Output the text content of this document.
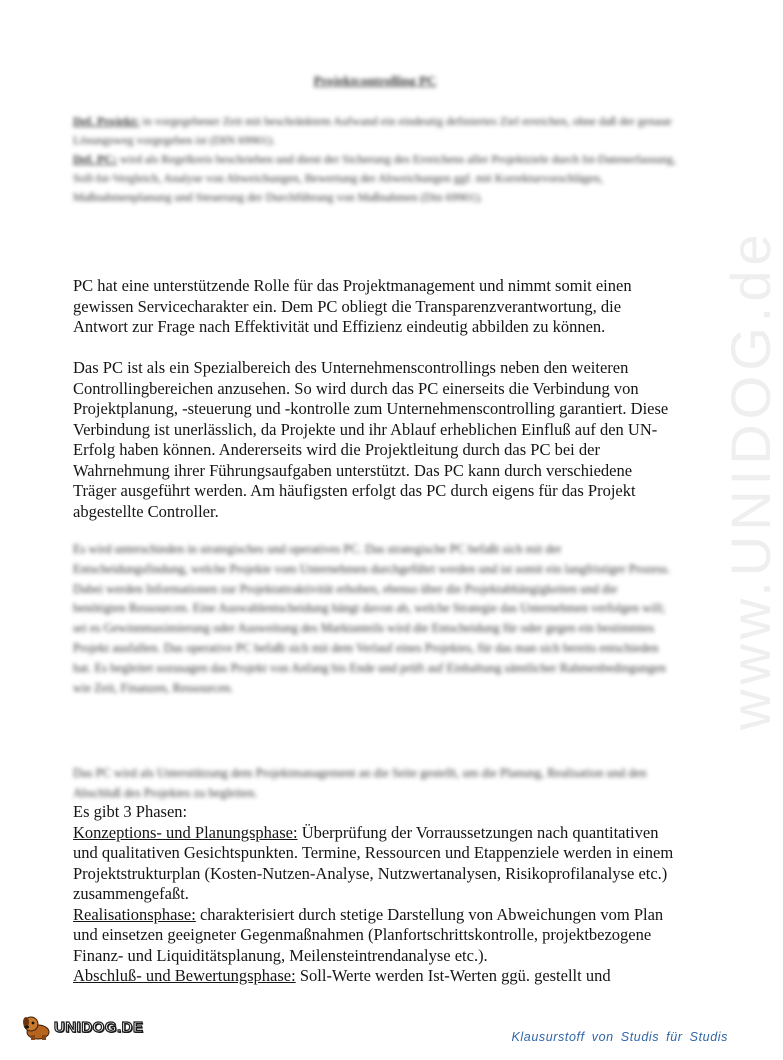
www.UNIDOG.de
Projektcontrolling PC
Def. Projekt: in vorgegebener Zeit mit beschränktem Aufwand ein eindeutig definiertes Ziel erreichen, ohne daß der genaue Lösungsweg vorgegeben ist (DIN 69901).
Def. PC: wird als Regelkreis beschrieben und dient der Sicherung des Erreichens aller Projektziele durch Ist-Datenerfassung, Soll-Ist-Vergleich, Analyse von Abweichungen, Bewertung der Abweichungen ggf. mit Korrekturvorschlägen, Maßnahmenplanung und Steuerung der Durchführung von Maßnahmen (Din 69901).

PC hat eine unterstützende Rolle für das Projektmanagement und nimmt somit einen gewissen Servicecharakter ein. Dem PC obliegt die Transparenzverantwortung, die Antwort zur Frage nach Effektivität und Effizienz eindeutig abbilden zu können.

Das PC ist als ein Spezialbereich des Unternehmenscontrollings neben den weiteren Controllingbereichen anzusehen. So wird durch das PC einerseits die Verbindung von Projektplanung, -steuerung und -kontrolle zum Unternehmenscontrolling garantiert. Diese Verbindung ist unerlässlich, da Projekte und ihr Ablauf erheblichen Einfluß auf den UN-Erfolg haben können. Andererseits wird die Projektleitung durch das PC bei der Wahrnehmung ihrer Führungsaufgaben unterstützt. Das PC kann durch verschiedene Träger ausgeführt werden. Am häufigsten erfolgt das PC durch eigens für das Projekt abgestellte Controller.

Es wird unterschieden in strategisches und operatives PC. Das strategische PC befaßt sich mit der Entscheidungsfindung, welche Projekte vom Unternehmen durchgeführt werden und ist somit ein langfristiger Prozess. Dabei werden Informationen zur Projektattraktivität erhoben, ebenso über die Projektabhängigkeiten und die benötigten Ressourcen. Eine Auswahlentscheidung hängt davon ab, welche Strategie das Unternehmen verfolgen will; sei es Gewinnmaximierung oder Ausweitung des Marktanteils wird die Entscheidung für oder gegen ein bestimmtes Projekt ausfallen. Das operative PC befaßt sich mit dem Verlauf eines Projektes, für das man sich bereits entschieden hat. Es begleitet sozusagen das Projekt von Anfang bis Ende und prüft auf Einhaltung sämtlicher Rahmenbedingungen wie Zeit, Finanzen, Ressourcen.

Das PC wird als Unterstützung dem Projektmanagement an die Seite gestellt, um die Planung, Realisation und den Abschluß des Projektes zu begleiten.

Es gibt 3 Phasen:
Konzeptions- und Planungsphase: Überprüfung der Vorraussetzungen nach quantitativen und qualitativen Gesichtspunkten. Termine, Ressourcen und Etappenziele werden in einem Projektstrukturplan (Kosten-Nutzen-Analyse, Nutzwertanalysen, Risikoprofilanalyse etc.) zusammengefaßt.
Realisationsphase: charakterisiert durch stetige Darstellung von Abweichungen vom Plan und einsetzen geeigneter Gegenmaßnahmen (Planfortschrittskontrolle, projektbezogene Finanz- und Liquiditätsplanung, Meilensteintrendanalyse etc.).
Abschluß- und Bewertungsphase: Soll-Werte werden Ist-Werten ggü. gestellt und
UNIDOG.DE
Klausurstoff von Studis für Studis
